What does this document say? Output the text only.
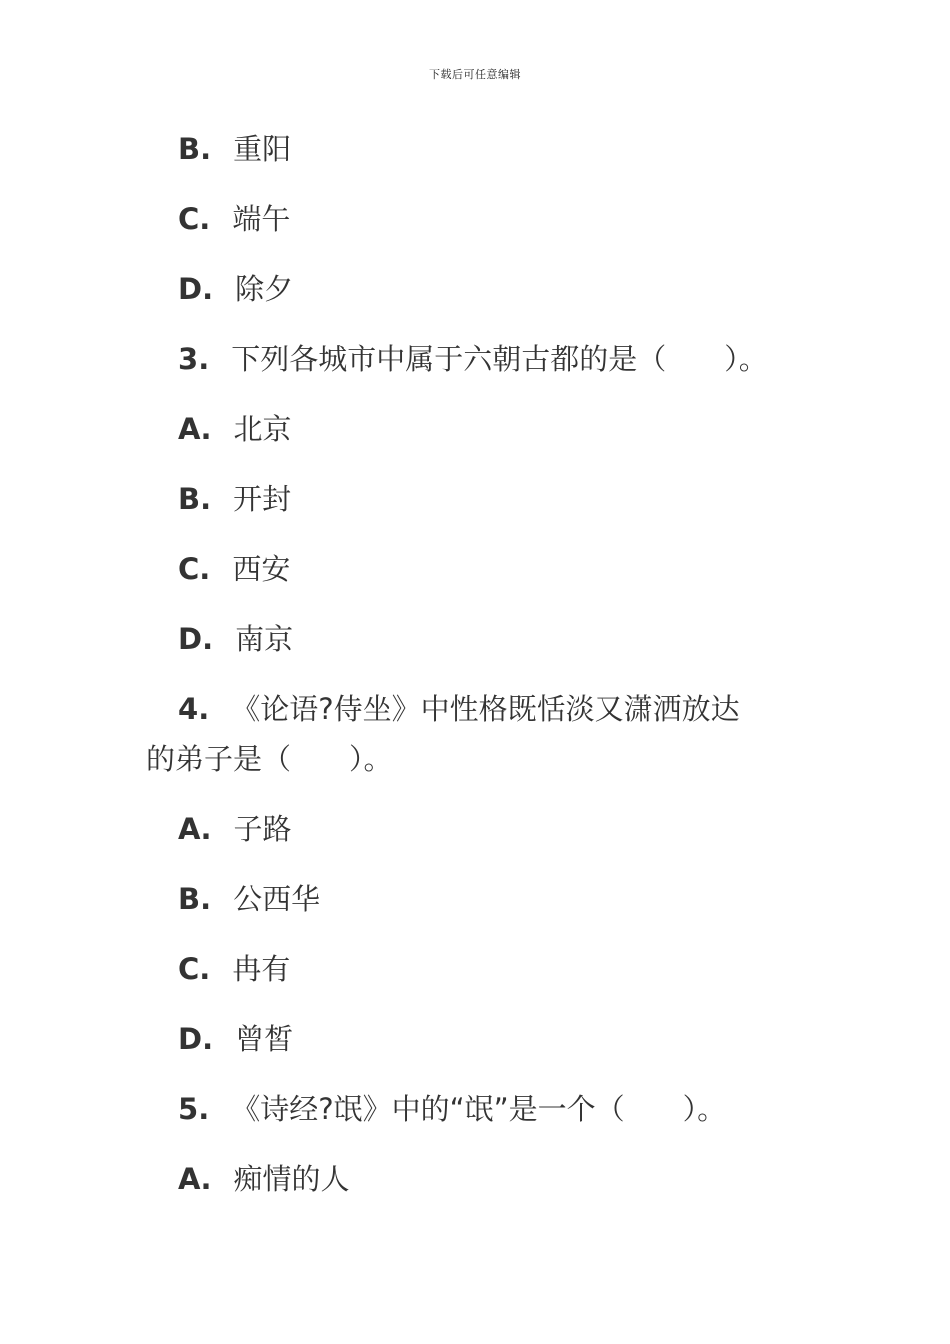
下载后可任意编辑
B. 重阳
C. 端午
D. 除夕
3. 下列各城市中属于六朝古都的是（　　）。
A. 北京
B. 开封
C. 西安
D. 南京
4. 《论语?侍坐》中性格既恬淡又潇洒放达
的弟子是（　　）。
A. 子路
B. 公西华
C. 冉有
D. 曾皙
5. 《诗经?氓》中的“氓”是一个（　　）。
A. 痴情的人
